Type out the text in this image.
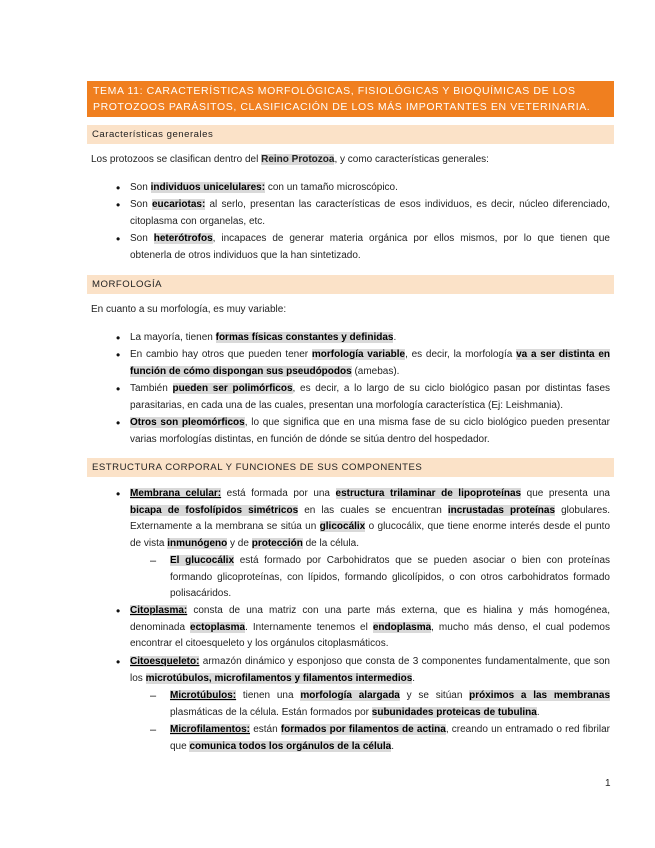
TEMA 11: CARACTERÍSTICAS MORFOLÓGICAS, FISIOLÓGICAS Y BIOQUÍMICAS DE LOS PROTOZOOS PARÁSITOS, CLASIFICACIÓN DE LOS MÁS IMPORTANTES EN VETERINARIA.
Características generales
Los protozoos se clasifican dentro del Reino Protozoa, y como características generales:
• Son individuos unicelulares: con un tamaño microscópico.
• Son eucariotas: al serlo, presentan las características de esos individuos, es decir, núcleo diferenciado, citoplasma con organelas, etc.
• Son heterótrofos, incapaces de generar materia orgánica por ellos mismos, por lo que tienen que obtenerla de otros individuos que la han sintetizado.
MORFOLOGÍA
En cuanto a su morfología, es muy variable:
• La mayoría, tienen formas físicas constantes y definidas.
• En cambio hay otros que pueden tener morfología variable, es decir, la morfología va a ser distinta en función de cómo dispongan sus pseudópodos (amebas).
• También pueden ser polimórficos, es decir, a lo largo de su ciclo biológico pasan por distintas fases parasitarias, en cada una de las cuales, presentan una morfología característica (Ej: Leishmania).
• Otros son pleomórficos, lo que significa que en una misma fase de su ciclo biológico pueden presentar varias morfologías distintas, en función de dónde se sitúa dentro del hospedador.
ESTRUCTURA CORPORAL Y FUNCIONES DE SUS COMPONENTES
• Membrana celular: está formada por una estructura trilaminar de lipoproteínas que presenta una bicapa de fosfolípidos simétricos en las cuales se encuentran incrustadas proteínas globulares. Externamente a la membrana se sitúa un glicocálix o glucocálix, que tiene enorme interés desde el punto de vista inmunógeno y de protección de la célula.
– El glucocálix está formado por Carbohidratos que se pueden asociar o bien con proteínas formando glicoproteínas, con lípidos, formando glicolípidos, o con otros carbohidratos formado polisacáridos.
• Citoplasma: consta de una matriz con una parte más externa, que es hialina y más homogénea, denominada ectoplasma. Internamente tenemos el endoplasma, mucho más denso, el cual podemos encontrar el citoesqueleto y los orgánulos citoplasmáticos.
• Citoesqueleto: armazón dinámico y esponjoso que consta de 3 componentes fundamentalmente, que son los microtúbulos, microfilamentos y filamentos intermedios.
– Microtúbulos: tienen una morfología alargada y se sitúan próximos a las membranas plasmáticas de la célula. Están formados por subunidades proteicas de tubulina.
– Microfilamentos: están formados por filamentos de actina, creando un entramado o red fibrilar que comunica todos los orgánulos de la célula.
1
